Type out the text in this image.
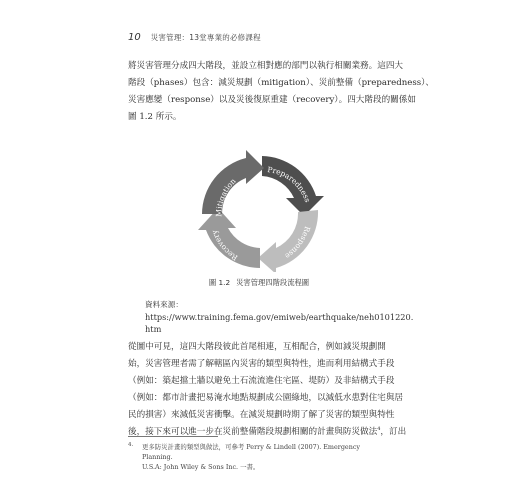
10 災害管理：13堂專業的必修課程
將災害管理分成四大階段，並設立相對應的部門以執行相關業務。這四大
階段（phases）包含：減災規劃（mitigation）、災前整備（preparedness）、
災害應變（response）以及災後復原重建（recovery）。四大階段的關係如
圖 1.2 所示。
Mitigation
Preparedness
Response
Recovery
圖 1.2 災害管理四階段流程圖
資料來源：https://www.training.fema.gov/emiweb/earthquake/neh0101220.
htm
從圖中可見，這四大階段彼此首尾相連，互相配合，例如減災規劃開
始，災害管理者需了解轄區內災害的類型與特性，進而利用結構式手段
（例如：築起擋土牆以避免土石流流進住宅區、堤防）及非結構式手段
（例如：都市計畫把易淹水地點規劃成公園綠地，以減低水患對住宅與居
民的損害）來減低災害衝擊。在減災規劃時期了解了災害的類型與特性
後，接下來可以進一步在災前整備階段規劃相關的計畫與防災做法$^4$，訂出
4. 更多防災計畫的類型與做法，可參考 Perry & Lindell (2007). Emergency Planning.
U.S.A: John Wiley & Sons Inc. 一書。
